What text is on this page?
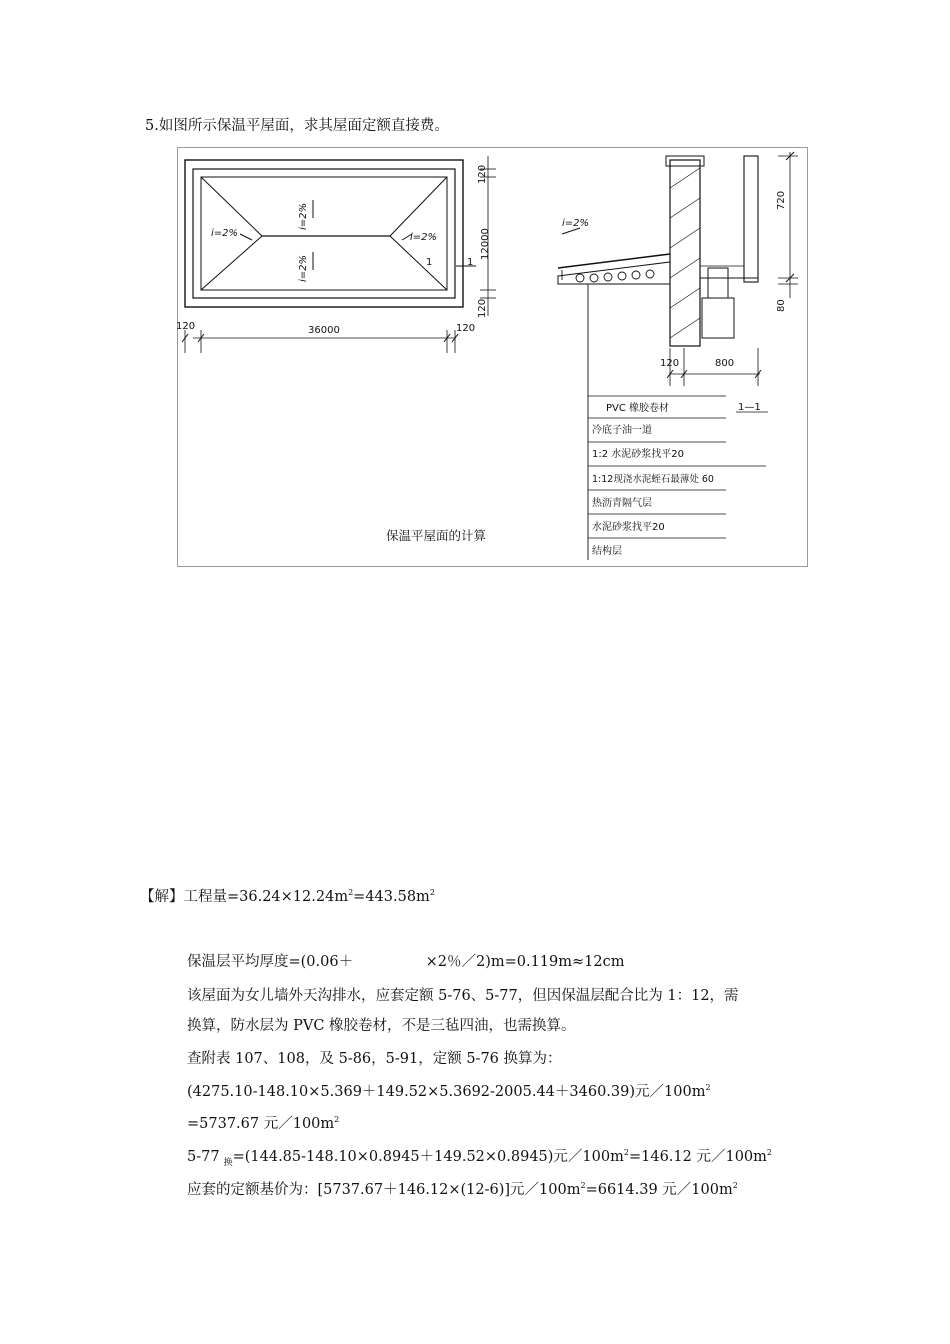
5.如图所示保温平屋面，求其屋面定额直接费。
36000
120	120
i=2%	i=2%
i=2%
i=2%	1	1
120
12000
120
i=2%
720
80
120	800
1—1
PVC 橡胶卷材
冷底子油一道
1:2 水泥砂浆找平20
1:12现浇水泥蛭石最薄处 60
热沥青隔气层
水泥砂浆找平20
结构层
保温平屋面的计算
【解】工程量$=36.24\times 12.24m^2=443.58m^2$
保温层平均厚度=(0.06＋　　　　　×2％／2)m=0.119m≈12cm
该屋面为女儿墙外天沟排水，应套定额 5-76、5-77，但因保温层配合比为 1：12，需
换算，防水层为 PVC 橡胶卷材，不是三毡四油，也需换算。
查附表 107、108，及 5-86，5-91，定额 5-76 换算为：
(4275.10-148.10×5.369＋149.52×5.3692-2005.44＋3460.39)元$/100m^2$
=5737.67 元$/100m^2$
5-77 $_换$=(144.85-148.10×0.8945＋149.52×0.8945)元$/100m^2=146.12$ 元$/100m^2$
应套的定额基价为：[5737.67＋146.12×(12-6)]元$/100m^2=6614.39$ 元$/100m^2$
